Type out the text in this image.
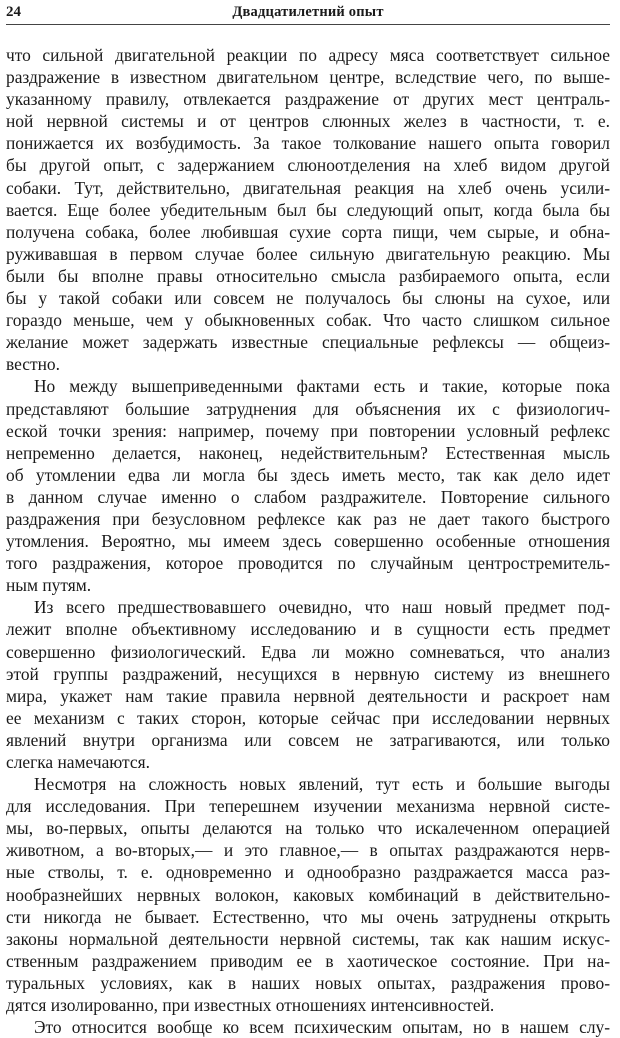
24	Двадцатилетний опыт
что сильной двигательной реакции по адресу мяса соответствует сильное
раздражение в известном двигательном центре, вследствие чего, по выше-
указанному правилу, отвлекается раздражение от других мест централь-
ной нервной системы и от центров слюнных желез в частности, т. е.
понижается их возбудимость. За такое толкование нашего опыта говорил
бы другой опыт, с задержанием слюноотделения на хлеб видом другой
собаки. Тут, действительно, двигательная реакция на хлеб очень усили-
вается. Еще более убедительным был бы следующий опыт, когда была бы
получена собака, более любившая сухие сорта пищи, чем сырые, и обна-
руживавшая в первом случае более сильную двигательную реакцию. Мы
были бы вполне правы относительно смысла разбираемого опыта, если
бы у такой собаки или совсем не получалось бы слюны на сухое, или
гораздо меньше, чем у обыкновенных собак. Что часто слишком сильное
желание может задержать известные специальные рефлексы — общеиз-
вестно.
Но между вышеприведенными фактами есть и такие, которые пока
представляют большие затруднения для объяснения их с физиологич-
еской точки зрения: например, почему при повторении условный рефлекс
непременно делается, наконец, недействительным? Естественная мысль
об утомлении едва ли могла бы здесь иметь место, так как дело идет
в данном случае именно о слабом раздражителе. Повторение сильного
раздражения при безусловном рефлексе как раз не дает такого быстрого
утомления. Вероятно, мы имеем здесь совершенно особенные отношения
того раздражения, которое проводится по случайным центростремитель-
ным путям.
Из всего предшествовавшего очевидно, что наш новый предмет под-
лежит вполне объективному исследованию и в сущности есть предмет
совершенно физиологический. Едва ли можно сомневаться, что анализ
этой группы раздражений, несущихся в нервную систему из внешнего
мира, укажет нам такие правила нервной деятельности и раскроет нам
ее механизм с таких сторон, которые сейчас при исследовании нервных
явлений внутри организма или совсем не затрагиваются, или только
слегка намечаются.
Несмотря на сложность новых явлений, тут есть и большие выгоды
для исследования. При теперешнем изучении механизма нервной систе-
мы, во-первых, опыты делаются на только что искалеченном операцией
животном, а во-вторых,— и это главное,— в опытах раздражаются нерв-
ные стволы, т. е. одновременно и однообразно раздражается масса раз-
нообразнейших нервных волокон, каковых комбинаций в действительно-
сти никогда не бывает. Естественно, что мы очень затруднены открыть
законы нормальной деятельности нервной системы, так как нашим искус-
ственным раздражением приводим ее в хаотическое состояние. При на-
туральных условиях, как в наших новых опытах, раздражения прово-
дятся изолированно, при известных отношениях интенсивностей.
Это относится вообще ко всем психическим опытам, но в нашем слу-
